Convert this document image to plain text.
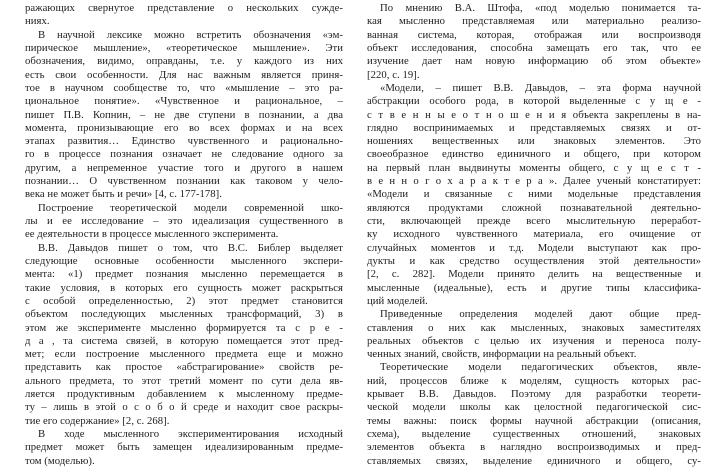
ражающих свернутое представление о нескольких сужде-
ниях.
В научной лексике можно встретить обозначения «эм-
пирическое мышление», «теоретическое мышление». Эти
обозначения, видимо, оправданы, т.е. у каждого из них
есть свои особенности. Для нас важным является приня-
тое в научном сообществе то, что «мышление – это ра-
циональное понятие». «Чувственное и рациональное, –
пишет П.В. Копнин, – не две ступени в познании, а два
момента, пронизывающие его во всех формах и на всех
этапах развития… Единство чувственного и рационально-
го в процессе познания означает не следование одного за
другим, а непременное участие того и другого в нашем
познании… О чувственном познании как таковом у чело-
века не может быть и речи» [4, с. 177-178].
Построение теоретической модели современной шко-
лы и ее исследование – это идеализация существенного в
ее деятельности в процессе мысленного эксперимента.
В.В. Давыдов пишет о том, что В.С. Библер выделяет
следующие основные особенности мысленного экспери-
мента: «1) предмет познания мысленно перемещается в
такие условия, в которых его сущность может раскрыться
с особой определенностью, 2) этот предмет становится
объектом последующих мысленных трансформаций, 3) в
этом же эксперименте мысленно формируется та с р е -
д а , та система связей, в которую помещается этот пред-
мет; если построение мысленного предмета еще и можно
представить как простое «абстрагирование» свойств ре-
ального предмета, то этот третий момент по сути дела яв-
ляется продуктивным добавлением к мысленному предме-
ту – лишь в этой о с о б о й среде и находит свое раскры-
тие его содержание» [2, с. 268].
В ходе мысленного экспериментирования исходный
предмет может быть замещен идеализированным предме-
том (моделью).
По мнению В.А. Штофа, «под моделью понимается та-
кая мысленно представляемая или материально реализо-
ванная система, которая, отображая или воспроизводя
объект исследования, способна замещать его так, что ее
изучение дает нам новую информацию об этом объекте»
[220, с. 19].
«Модели, – пишет В.В. Давыдов, – эта форма научной
абстракции особого рода, в которой выделенные с у щ е -
с т в е н н ы е о т н о ш е н и я объекта закреплены в на-
глядно воспринимаемых и представляемых связях и от-
ношениях вещественных или знаковых элементов. Это
своеобразное единство единичного и общего, при котором
на первый план выдвинуты моменты общего, с у щ е с т -
в е н н о г о х а р а к т е р а ». Далее ученый констатирует:
«Модели и связанные с ними модельные представления
являются продуктами сложной познавательной деятельно-
сти, включающей прежде всего мыслительную переработ-
ку исходного чувственного материала, его очищение от
случайных моментов и т.д. Модели выступают как про-
дукты и как средство осуществления этой деятельности»
[2, с. 282]. Модели принято делить на вещественные и
мысленные (идеальные), есть и другие типы классифика-
ций моделей.
Приведенные определения моделей дают общие пред-
ставления о них как мысленных, знаковых заместителях
реальных объектов с целью их изучения и переноса полу-
ченных знаний, свойств, информации на реальный объект.
Теоретические модели педагогических объектов, явле-
ний, процессов ближе к моделям, сущность которых рас-
крывает В.В. Давыдов. Поэтому для разработки теорети-
ческой модели школы как целостной педагогической сис-
темы важны: поиск формы научной абстракции (описания,
схема), выделение существенных отношений, знаковых
элементов объекта в наглядно воспроизводимых и пред-
ставляемых связях, выделение единичного и общего, су-
